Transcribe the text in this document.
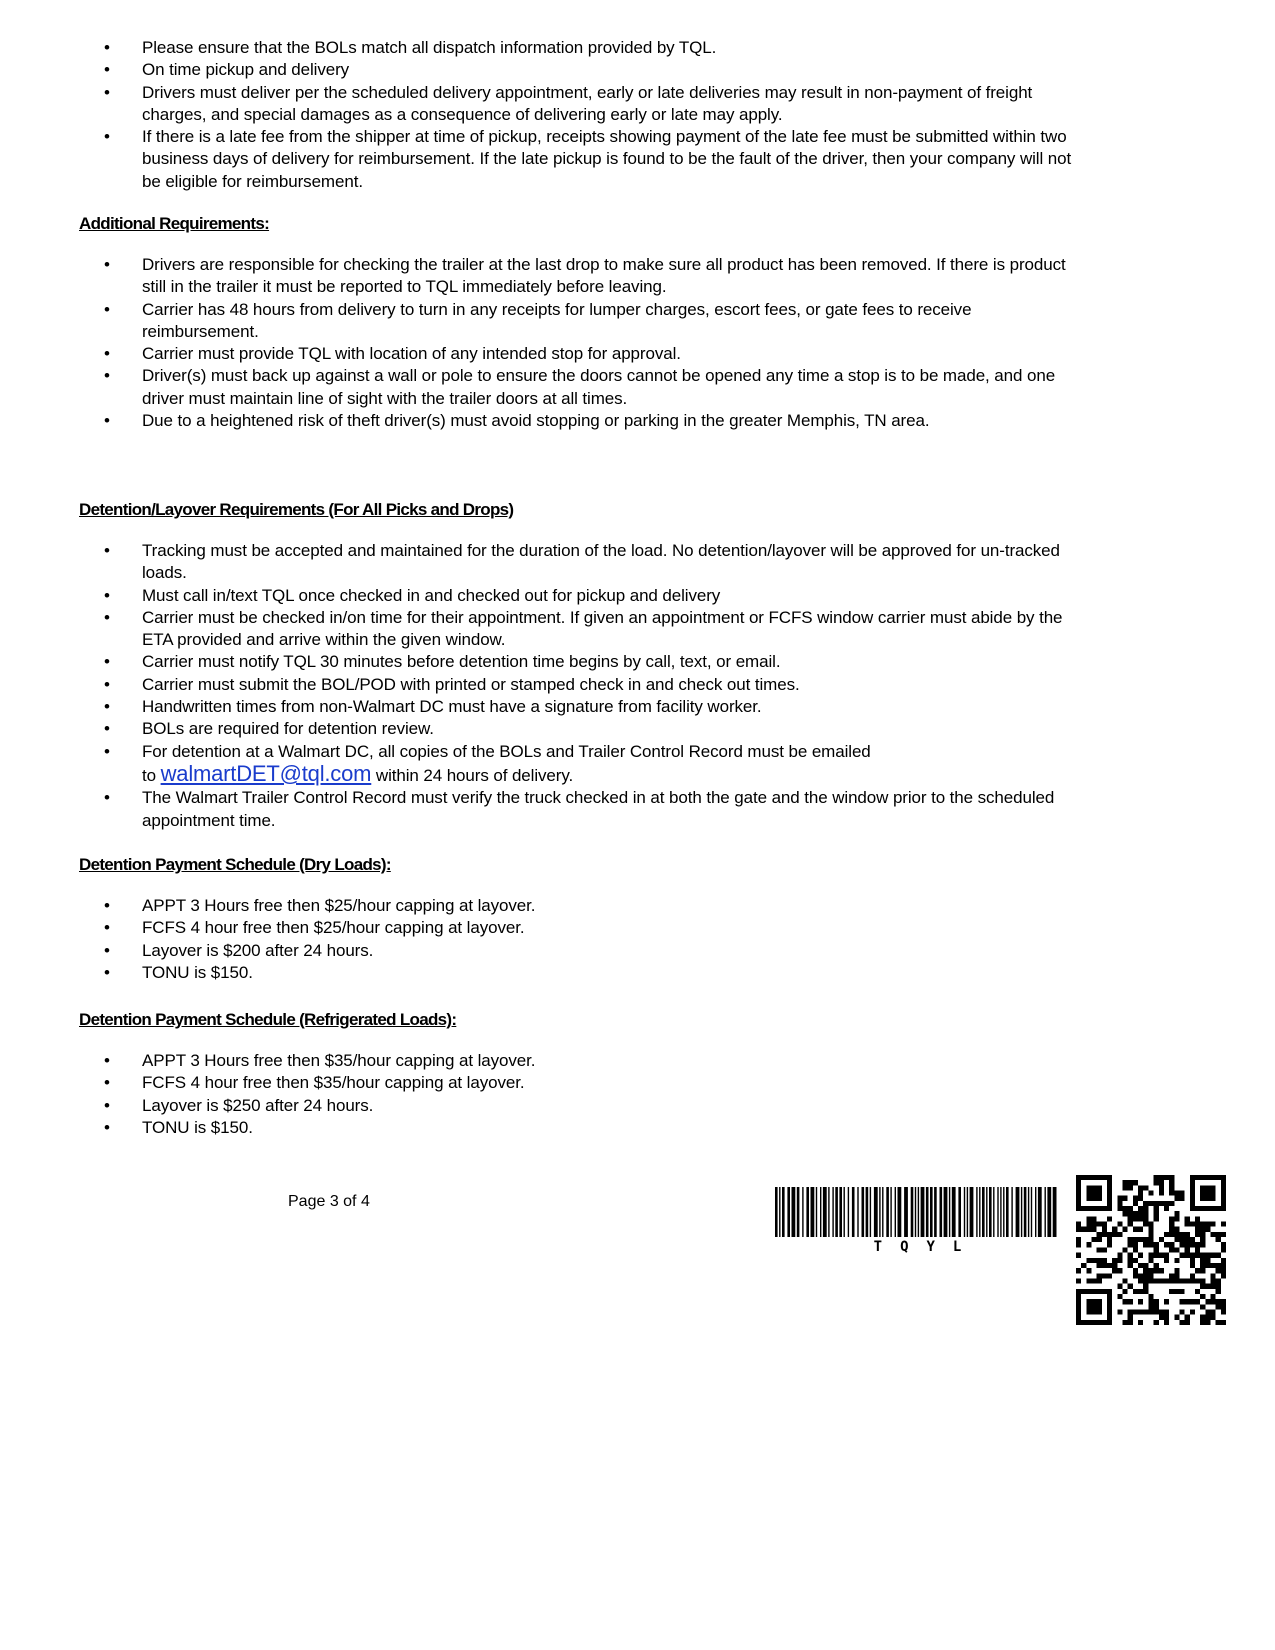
• Please ensure that the BOLs match all dispatch information provided by TQL.
• On time pickup and delivery
• Drivers must deliver per the scheduled delivery appointment, early or late deliveries may result in non-payment of freight charges, and special damages as a consequence of delivering early or late may apply.
• If there is a late fee from the shipper at time of pickup, receipts showing payment of the late fee must be submitted within two business days of delivery for reimbursement. If the late pickup is found to be the fault of the driver, then your company will not be eligible for reimbursement.
Additional Requirements:
• Drivers are responsible for checking the trailer at the last drop to make sure all product has been removed. If there is product still in the trailer it must be reported to TQL immediately before leaving.
• Carrier has 48 hours from delivery to turn in any receipts for lumper charges, escort fees, or gate fees to receive reimbursement.
• Carrier must provide TQL with location of any intended stop for approval.
• Driver(s) must back up against a wall or pole to ensure the doors cannot be opened any time a stop is to be made, and one driver must maintain line of sight with the trailer doors at all times.
• Due to a heightened risk of theft driver(s) must avoid stopping or parking in the greater Memphis, TN area.
Detention/Layover Requirements (For All Picks and Drops)
• Tracking must be accepted and maintained for the duration of the load. No detention/layover will be approved for un-tracked loads.
• Must call in/text TQL once checked in and checked out for pickup and delivery
• Carrier must be checked in/on time for their appointment. If given an appointment or FCFS window carrier must abide by the ETA provided and arrive within the given window.
• Carrier must notify TQL 30 minutes before detention time begins by call, text, or email.
• Carrier must submit the BOL/POD with printed or stamped check in and check out times.
• Handwritten times from non-Walmart DC must have a signature from facility worker.
• BOLs are required for detention review.
• For detention at a Walmart DC, all copies of the BOLs and Trailer Control Record must be emailed
to walmartDET@tql.com within 24 hours of delivery.
• The Walmart Trailer Control Record must verify the truck checked in at both the gate and the window prior to the scheduled appointment time.
Detention Payment Schedule (Dry Loads):
• APPT 3 Hours free then $25/hour capping at layover.
• FCFS 4 hour free then $25/hour capping at layover.
• Layover is $200 after 24 hours.
• TONU is $150.
Detention Payment Schedule (Refrigerated Loads):
• APPT 3 Hours free then $35/hour capping at layover.
• FCFS 4 hour free then $35/hour capping at layover.
• Layover is $250 after 24 hours.
• TONU is $150.
Page 3 of 4
TQYL
